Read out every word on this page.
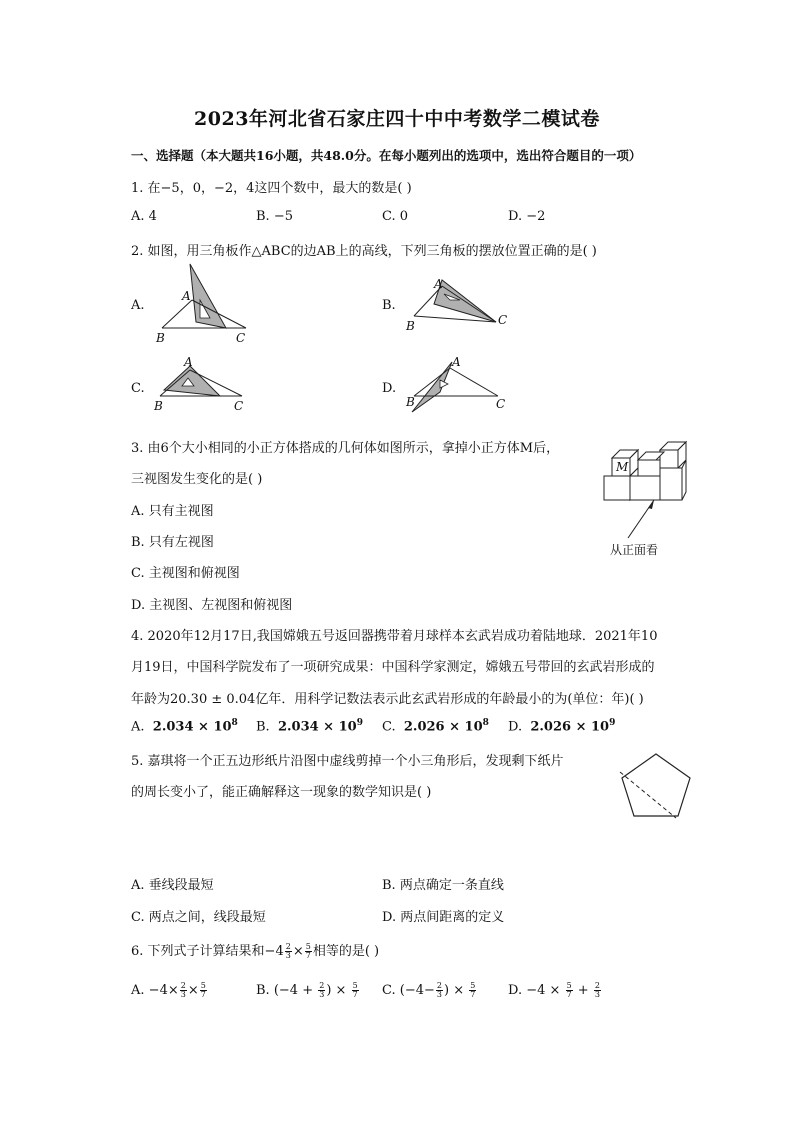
2023年河北省石家庄四十中中考数学二模试卷
一、选择题（本大题共16小题，共48.0分。在每小题列出的选项中，选出符合题目的一项）
1. 在−5，0，−2，4这四个数中，最大的数是( )
A. 4	B. −5	C. 0	D. −2
2. 如图，用三角板作△ABC的边AB上的高线，下列三角板的摆放位置正确的是( )
A.
A
B	C
B.
A
B	C
C.
A
B	C
D.
A
B	C
3. 由6个大小相同的小正方体搭成的几何体如图所示，拿掉小正方体M后，
三视图发生变化的是( )
A. 只有主视图
B. 只有左视图
C. 主视图和俯视图
D. 主视图、左视图和俯视图
M
从正面看
4. 2020年12月17日,我国嫦娥五号返回器携带着月球样本玄武岩成功着陆地球．2021年10
月19日，中国科学院发布了一项研究成果：中国科学家测定，嫦娥五号带回的玄武岩形成的
年龄为20.30 ± 0.04亿年．用科学记数法表示此玄武岩形成的年龄最小的为(单位：年)( )
A. $2.034 \times 10^8$ B. $2.034 \times 10^9$ C. $2.026 \times 10^8$ D. $2.026 \times 10^9$
5. 嘉琪将一个正五边形纸片沿图中虚线剪掉一个小三角形后，发现剩下纸片
的周长变小了，能正确解释这一现象的数学知识是( )
A. 垂线段最短	B. 两点确定一条直线
C. 两点之间，线段最短	D. 两点间距离的定义
6. 下列式子计算结果和$-4 \frac{2}{3} \times \frac{5}{7}$ 相等的是( )
A. $-4\times \frac{2}{3} \times \frac{5}{7}$	B. ($-4 + \frac{2}{3}$ ) × $\frac{5}{7} C$. ($-4- \frac{2}{3}$ ) × $\frac{5}{7} D$. $-4 \times \frac{5}{7} + \frac{2}{3}$
